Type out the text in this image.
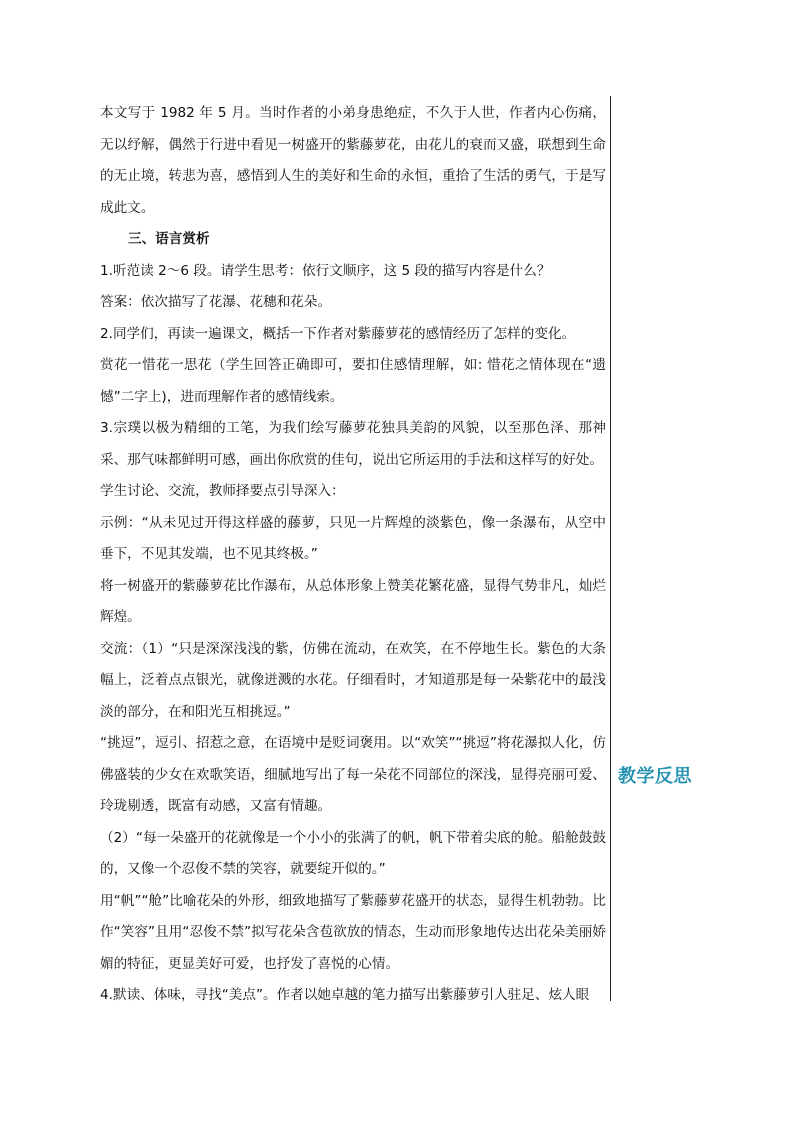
本文写于 1982 年 5 月。当时作者的小弟身患绝症，不久于人世，作者内心伤痛，无以纾解，偶然于行进中看见一树盛开的紫藤萝花，由花儿的衰而又盛，联想到生命的无止境，转悲为喜，感悟到人生的美好和生命的永恒，重拾了生活的勇气，于是写成此文。

三、语言赏析

1.听范读 2～6 段。请学生思考：依行文顺序，这 5 段的描写内容是什么？

答案：依次描写了花瀑、花穗和花朵。

2.同学们，再读一遍课文，概括一下作者对紫藤萝花的感情经历了怎样的变化。

赏花一惜花一思花（学生回答正确即可，要扣住感情理解，如: 惜花之情体现在“遗憾”二字上)，进而理解作者的感情线索。

3.宗璞以极为精细的工笔，为我们绘写藤萝花独具美韵的风貌，以至那色泽、那神采、那气味都鲜明可感，画出你欣赏的佳句，说出它所运用的手法和这样写的好处。

学生讨论、交流，教师择要点引导深入：

示例：“从未见过开得这样盛的藤萝，只见一片辉煌的淡紫色，像一条瀑布，从空中垂下，不见其发端，也不见其终极。”

将一树盛开的紫藤萝花比作瀑布，从总体形象上赞美花繁花盛，显得气势非凡，灿烂辉煌。

交流：（1）“只是深深浅浅的紫，仿佛在流动，在欢笑，在不停地生长。紫色的大条幅上，泛着点点银光，就像迸溅的水花。仔细看时，才知道那是每一朵紫花中的最浅淡的部分，在和阳光互相挑逗。”

“挑逗”，逗引、招惹之意，在语境中是贬词褒用。以“欢笑”“挑逗”将花瀑拟人化，仿佛盛装的少女在欢歌笑语，细腻地写出了每一朵花不同部位的深浅，显得亮丽可爱、玲珑剔透，既富有动感，又富有情趣。

（2）“每一朵盛开的花就像是一个小小的张满了的帆，帆下带着尖底的舱。船舱鼓鼓的，又像一个忍俊不禁的笑容，就要绽开似的。”

用“帆”“舱”比喻花朵的外形，细致地描写了紫藤萝花盛开的状态，显得生机勃勃。比作“笑容”且用“忍俊不禁”拟写花朵含苞欲放的情态，生动而形象地传达出花朵美丽娇媚的特征，更显美好可爱，也抒发了喜悦的心情。

4.默读、体味，寻找“美点”。作者以她卓越的笔力描写出紫藤萝引人驻足、炫人眼

教学反思
